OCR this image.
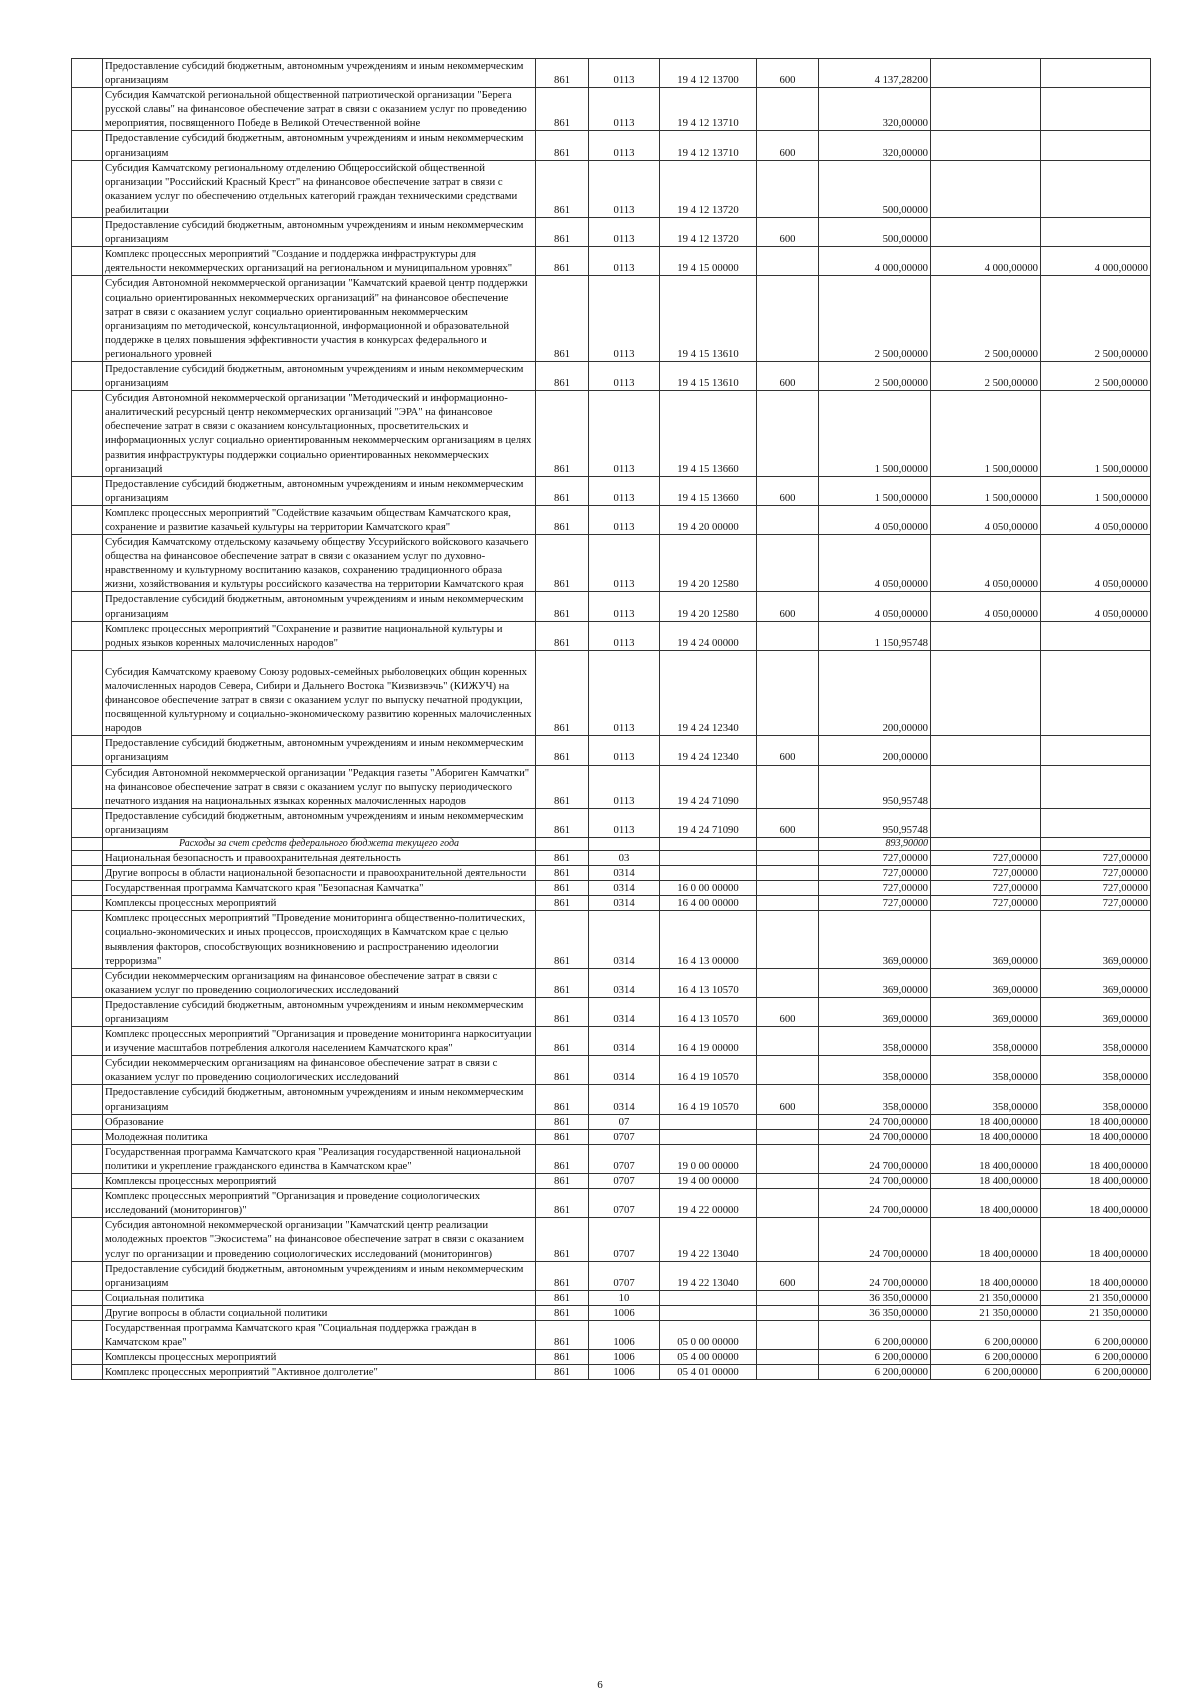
	Предоставление субсидий бюджетным, автономным учреждениям и иным некоммерческим организациям	861	0113	19 4 12 13700	600	4 137,28200		
	Субсидия Камчатской региональной общественной патриотической организации "Берега русской славы" на финансовое обеспечение затрат в связи с оказанием услуг по проведению мероприятия, посвященного Победе в Великой Отечественной войне	861	0113	19 4 12 13710		320,00000		
	Предоставление субсидий бюджетным, автономным учреждениям и иным некоммерческим организациям	861	0113	19 4 12 13710	600	320,00000		
	Субсидия Камчатскому региональному отделению Общероссийской общественной организации "Российский Красный Крест" на финансовое обеспечение затрат в связи с оказанием услуг по обеспечению отдельных категорий граждан техническими средствами реабилитации	861	0113	19 4 12 13720		500,00000		
	Предоставление субсидий бюджетным, автономным учреждениям и иным некоммерческим организациям	861	0113	19 4 12 13720	600	500,00000		
	Комплекс процессных мероприятий "Создание и поддержка инфраструктуры для деятельности некоммерческих организаций на региональном и муниципальном уровнях"	861	0113	19 4 15 00000		4 000,00000	4 000,00000	4 000,00000
	Субсидия Автономной некоммерческой организации "Камчатский краевой центр поддержки социально ориентированных некоммерческих организаций" на финансовое обеспечение затрат в связи с оказанием услуг социально ориентированным некоммерческим организациям по методической, консультационной, информационной и образовательной поддержке в целях повышения эффективности участия в конкурсах федерального и регионального уровней	861	0113	19 4 15 13610		2 500,00000	2 500,00000	2 500,00000
	Предоставление субсидий бюджетным, автономным учреждениям и иным некоммерческим организациям	861	0113	19 4 15 13610	600	2 500,00000	2 500,00000	2 500,00000
	Субсидия Автономной некоммерческой организации "Методический и информационно-аналитический ресурсный центр некоммерческих организаций "ЭРА" на финансовое обеспечение затрат в связи с оказанием консультационных, просветительских и информационных услуг социально ориентированным некоммерческим организациям в целях развития инфраструктуры поддержки социально ориентированных некоммерческих организаций	861	0113	19 4 15 13660		1 500,00000	1 500,00000	1 500,00000
	Предоставление субсидий бюджетным, автономным учреждениям и иным некоммерческим организациям	861	0113	19 4 15 13660	600	1 500,00000	1 500,00000	1 500,00000
	Комплекс процессных мероприятий "Содействие казачьим обществам Камчатского края, сохранение и развитие казачьей культуры на территории Камчатского края"	861	0113	19 4 20 00000		4 050,00000	4 050,00000	4 050,00000
	Субсидия Камчатскому отдельскому казачьему обществу Уссурийского войскового казачьего общества на финансовое обеспечение затрат в связи с оказанием услуг по духовно-нравственному и культурному воспитанию казаков, сохранению традиционного образа жизни, хозяйствования и культуры российского казачества на территории Камчатского края	861	0113	19 4 20 12580		4 050,00000	4 050,00000	4 050,00000
	Предоставление субсидий бюджетным, автономным учреждениям и иным некоммерческим организациям	861	0113	19 4 20 12580	600	4 050,00000	4 050,00000	4 050,00000
	Комплекс процессных мероприятий "Сохранение и развитие национальной культуры и родных языков коренных малочисленных народов"	861	0113	19 4 24 00000		1 150,95748		
	Субсидия Камчатскому краевому Союзу родовых-семейных рыболовецких общин коренных малочисленных народов Севера, Сибири и Дальнего Востока "Кизвизвэчь" (КИЖУЧ) на финансовое обеспечение затрат в связи с оказанием услуг по выпуску печатной продукции, посвященной культурному и социально-экономическому развитию коренных малочисленных народов	861	0113	19 4 24 12340		200,00000		
	Предоставление субсидий бюджетным, автономным учреждениям и иным некоммерческим организациям	861	0113	19 4 24 12340	600	200,00000		
	Субсидия Автономной некоммерческой организации "Редакция газеты "Абориген Камчатки" на финансовое обеспечение затрат в связи с оказанием услуг по выпуску периодического печатного издания на национальных языках коренных малочисленных народов	861	0113	19 4 24 71090		950,95748		
	Предоставление субсидий бюджетным, автономным учреждениям и иным некоммерческим организациям	861	0113	19 4 24 71090	600	950,95748		
	Расходы за счет средств федерального бюджета текущего года					893,90000		
	Национальная безопасность и правоохранительная деятельность	861	03			727,00000	727,00000	727,00000
	Другие вопросы в области национальной безопасности и правоохранительной деятельности	861	0314			727,00000	727,00000	727,00000
	Государственная программа Камчатского края "Безопасная Камчатка"	861	0314	16 0 00 00000		727,00000	727,00000	727,00000
	Комплексы процессных мероприятий	861	0314	16 4 00 00000		727,00000	727,00000	727,00000
	Комплекс процессных мероприятий "Проведение мониторинга общественно-политических, социально-экономических и иных процессов, происходящих в Камчатском крае с целью выявления факторов, способствующих возникновению и распространению идеологии терроризма"	861	0314	16 4 13 00000		369,00000	369,00000	369,00000
	Субсидии некоммерческим организациям на финансовое обеспечение затрат в связи с оказанием услуг по проведению социологических исследований	861	0314	16 4 13 10570		369,00000	369,00000	369,00000
	Предоставление субсидий бюджетным, автономным учреждениям и иным некоммерческим организациям	861	0314	16 4 13 10570	600	369,00000	369,00000	369,00000
	Комплекс процессных мероприятий "Организация и проведение мониторинга наркоситуации и изучение масштабов потребления алкоголя населением Камчатского края"	861	0314	16 4 19 00000		358,00000	358,00000	358,00000
	Субсидии некоммерческим организациям на финансовое обеспечение затрат в связи с оказанием услуг по проведению социологических исследований	861	0314	16 4 19 10570		358,00000	358,00000	358,00000
	Предоставление субсидий бюджетным, автономным учреждениям и иным некоммерческим организациям	861	0314	16 4 19 10570	600	358,00000	358,00000	358,00000
	Образование	861	07			24 700,00000	18 400,00000	18 400,00000
	Молодежная политика	861	0707			24 700,00000	18 400,00000	18 400,00000
	Государственная программа Камчатского края "Реализация государственной национальной политики и укрепление гражданского единства в Камчатском крае"	861	0707	19 0 00 00000		24 700,00000	18 400,00000	18 400,00000
	Комплексы процессных мероприятий	861	0707	19 4 00 00000		24 700,00000	18 400,00000	18 400,00000
	Комплекс процессных мероприятий "Организация и проведение социологических исследований (мониторингов)"	861	0707	19 4 22 00000		24 700,00000	18 400,00000	18 400,00000
	Субсидия автономной некоммерческой организации "Камчатский центр реализации молодежных проектов "Экосистема" на финансовое обеспечение затрат в связи с оказанием услуг по организации и проведению социологических исследований (мониторингов)	861	0707	19 4 22 13040		24 700,00000	18 400,00000	18 400,00000
	Предоставление субсидий бюджетным, автономным учреждениям и иным некоммерческим организациям	861	0707	19 4 22 13040	600	24 700,00000	18 400,00000	18 400,00000
	Социальная политика	861	10			36 350,00000	21 350,00000	21 350,00000
	Другие вопросы в области социальной политики	861	1006			36 350,00000	21 350,00000	21 350,00000
	Государственная программа Камчатского края "Социальная поддержка граждан в Камчатском крае"	861	1006	05 0 00 00000		6 200,00000	6 200,00000	6 200,00000
	Комплексы процессных мероприятий	861	1006	05 4 00 00000		6 200,00000	6 200,00000	6 200,00000
	Комплекс процессных мероприятий "Активное долголетие"	861	1006	05 4 01 00000		6 200,00000	6 200,00000	6 200,00000
6
